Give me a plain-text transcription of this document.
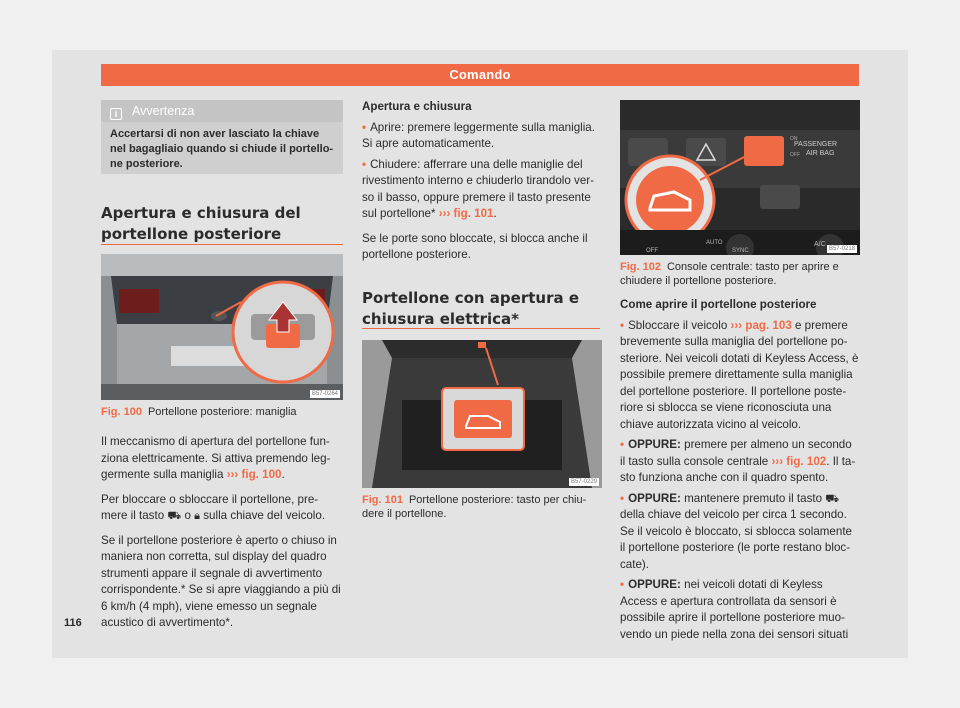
Comando
i Avvertenza
Accertarsi di non aver lasciato la chiave nel bagagliaio quando si chiude il portello- ne posteriore.
Apertura e chiusura del portellone posteriore
B57-0264
Fig. 100 Portellone posteriore: maniglia

Il meccanismo di apertura del portellone fun- ziona elettricamente. Si attiva premendo leg- germente sulla maniglia ››› fig. 100.

Per bloccare o sbloccare il portellone, pre- mere il tasto ⛟ o 🔒︎ sulla chiave del veicolo.

Se il portellone posteriore è aperto o chiuso in maniera non corretta, sul display del quadro strumenti appare il segnale di avvertimento corrispondente.* Se si apre viaggiando a più di 6 km/h (4 mph), viene emesso un segnale acustico di avvertimento*.

116

Apertura e chiusura

• Aprire: premere leggermente sulla maniglia. Si apre automaticamente.

• Chiudere: afferrare una delle maniglie del rivestimento interno e chiuderlo tirandolo ver- so il basso, oppure premere il tasto presente sul portellone* ››› fig. 101.

Se le porte sono bloccate, si blocca anche il portellone posteriore.

Portellone con apertura e chiusura elettrica*
B57-0229
Fig. 101 Portellone posteriore: tasto per chiu- dere il portellone.
PASSENGER
AIR BAG
ON
OFF
OFF
AUTO
SYNC
A/C
B57-0218
Fig. 102 Console centrale: tasto per aprire e chiudere il portellone posteriore.

Come aprire il portellone posteriore

• Sbloccare il veicolo ››› pag. 103 e premere brevemente sulla maniglia del portellone po- steriore. Nei veicoli dotati di Keyless Access, è possibile premere direttamente sulla maniglia del portellone posteriore. Il portellone poste- riore si sblocca se viene riconosciuta una chiave autorizzata vicino al veicolo.

• OPPURE: premere per almeno un secondo il tasto sulla console centrale ››› fig. 102. Il ta- sto funziona anche con il quadro spento.

• OPPURE: mantenere premuto il tasto ⛟ della chiave del veicolo per circa 1 secondo. Se il veicolo è bloccato, si sblocca solamente il portellone posteriore (le porte restano bloc- cate).

• OPPURE: nei veicoli dotati di Keyless Access e apertura controllata da sensori è possibile aprire il portellone posteriore muo- vendo un piede nella zona dei sensori situati
